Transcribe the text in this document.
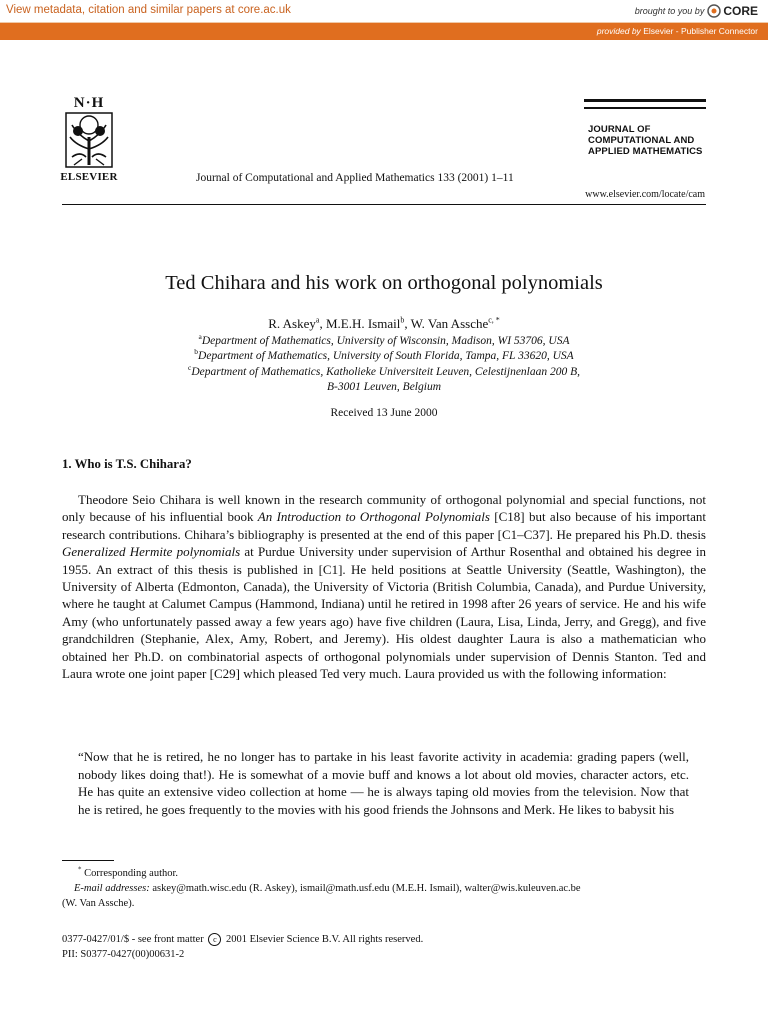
View metadata, citation and similar papers at core.ac.uk	brought to you by CORE
provided by Elsevier - Publisher Connector
N·H
ELSEVIER	Journal of Computational and Applied Mathematics 133 (2001) 1–11
JOURNAL OF
COMPUTATIONAL AND
APPLIED MATHEMATICS
www.elsevier.com/locate/cam
Ted Chihara and his work on orthogonal polynomials
R. Askey$^a$, M.E.H. Ismail$^b$, W. Van Assche$^{c, *}$
$^a$Department of Mathematics, University of Wisconsin, Madison, WI 53706, USA
$^b$Department of Mathematics, University of South Florida, Tampa, FL 33620, USA
$^c$Department of Mathematics, Katholieke Universiteit Leuven, Celestijnenlaan 200 B,
B-3001 Leuven, Belgium
Received 13 June 2000
1. Who is T.S. Chihara?
Theodore Seio Chihara is well known in the research community of orthogonal polynomial and special functions, not only because of his influential book An Introduction to Orthogonal Polynomials [C18] but also because of his important research contributions. Chihara’s bibliography is presented at the end of this paper [C1–C37]. He prepared his Ph.D. thesis Generalized Hermite polynomials at Purdue University under supervision of Arthur Rosenthal and obtained his degree in 1955. An extract of this thesis is published in [C1]. He held positions at Seattle University (Seattle, Washington), the University of Alberta (Edmonton, Canada), the University of Victoria (British Columbia, Canada), and Purdue University, where he taught at Calumet Campus (Hammond, Indiana) until he retired in 1998 after 26 years of service. He and his wife Amy (who unfortunately passed away a few years ago) have five children (Laura, Lisa, Linda, Jerry, and Gregg), and five grandchildren (Stephanie, Alex, Amy, Robert, and Jeremy). His oldest daughter Laura is also a mathematician who obtained her Ph.D. on combinatorial aspects of orthogonal polynomials under supervision of Dennis Stanton. Ted and Laura wrote one joint paper [C29] which pleased Ted very much. Laura provided us with the following information:
“Now that he is retired, he no longer has to partake in his least favorite activity in academia: grading papers (well, nobody likes doing that!). He is somewhat of a movie buff and knows a lot about old movies, character actors, etc. He has quite an extensive video collection at home — he is always taping old movies from the television. Now that he is retired, he goes frequently to the movies with his good friends the Johnsons and Merk. He likes to babysit his
* Corresponding author.
E-mail addresses: askey@math.wisc.edu (R. Askey), ismail@math.usf.edu (M.E.H. Ismail), walter@wis.kuleuven.ac.be
(W. Van Assche).
0377-0427/01/$ - see front matter c 2001 Elsevier Science B.V. All rights reserved.
PII: S0377-0427(00)00631-2
